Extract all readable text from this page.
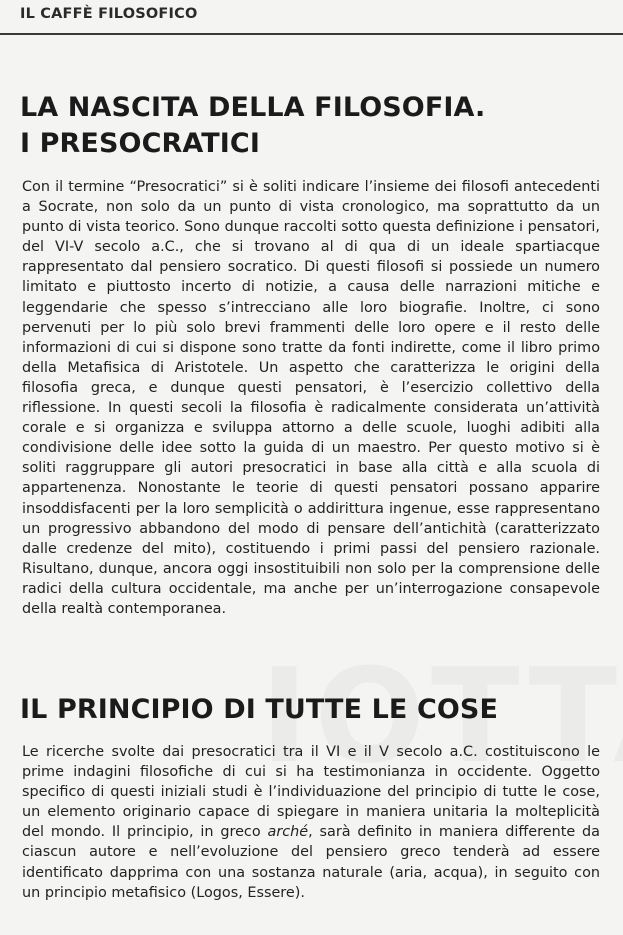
IL CAFFÈ FILOSOFICO
LA NASCITA DELLA FILOSOFIA.
I PRESOCRATICI

Con il termine “Presocratici” si è soliti indicare l’insieme dei filosofi antecedenti a Socrate, non solo da un punto di vista cronologico, ma soprattutto da un punto di vista teorico. Sono dunque raccolti sotto questa definizione i pensatori, del VI-V secolo a.C., che si trovano al di qua di un ideale spartiacque rappresentato dal pensiero socratico. Di questi filosofi si possiede un numero limitato e piuttosto incerto di notizie, a causa delle narrazioni mitiche e leggendarie che spesso s’intrecciano alle loro biografie. Inoltre, ci sono pervenuti per lo più solo brevi frammenti delle loro opere e il resto delle informazioni di cui si dispone sono tratte da fonti indirette, come il libro primo della Metafisica di Aristotele. Un aspetto che caratterizza le origini della filosofia greca, e dunque questi pensatori, è l’esercizio collettivo della riflessione. In questi secoli la filosofia è radicalmente considerata un’attività corale e si organizza e sviluppa attorno a delle scuole, luoghi adibiti alla condivisione delle idee sotto la guida di un maestro. Per questo motivo si è soliti raggruppare gli autori presocratici in base alla città e alla scuola di appartenenza. Nonostante le teorie di questi pensatori possano apparire insoddisfacenti per la loro semplicità o addirittura ingenue, esse rappresentano un progressivo abbandono del modo di pensare dell’antichità (caratterizzato dalle credenze del mito), costituendo i primi passi del pensiero razionale. Risultano, dunque, ancora oggi insostituibili non solo per la comprensione delle radici della cultura occidentale, ma anche per un’interrogazione consapevole della realtà contemporanea.

IL PRINCIPIO DI TUTTE LE COSE

Le ricerche svolte dai presocratici tra il VI e il V secolo a.C. costituiscono le prime indagini filosofiche di cui si ha testimonianza in occidente. Oggetto specifico di questi iniziali studi è l’individuazione del principio di tutte le cose, un elemento originario capace di spiegare in maniera unitaria la molteplicità del mondo. Il principio, in greco arché, sarà definito in maniera differente da ciascun autore e nell’evoluzione del pensiero greco tenderà ad essere identificato dapprima con una sostanza naturale (aria, acqua), in seguito con un principio metafisico (Logos, Essere).
